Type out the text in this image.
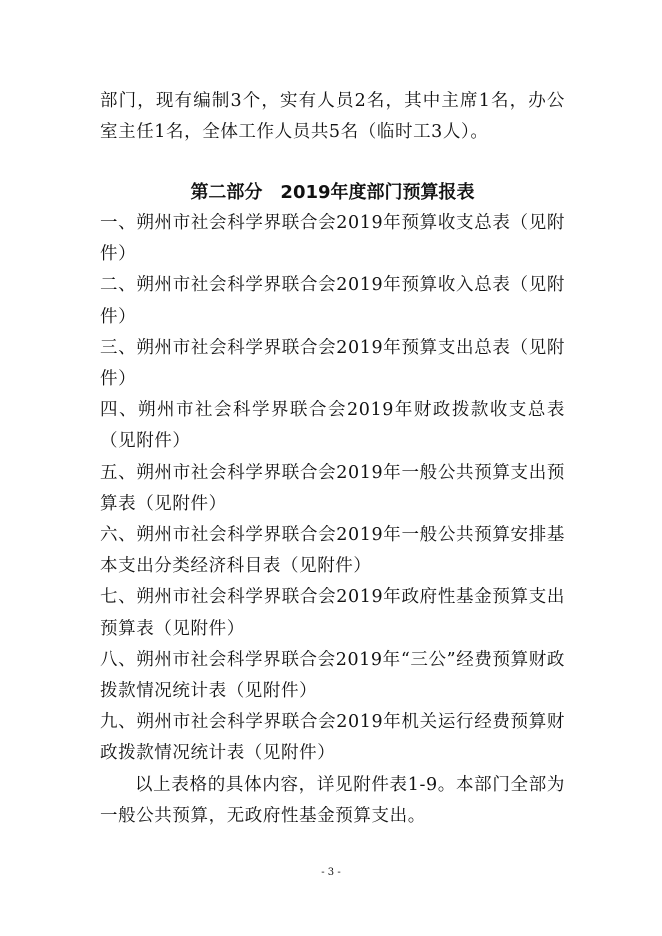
部门，现有编制3个，实有人员2名，其中主席1名，办公室主任1名，全体工作人员共5名（临时工3人）。

第二部分　2019年度部门预算报表
一、朔州市社会科学界联合会2019年预算收支总表（见附件）
二、朔州市社会科学界联合会2019年预算收入总表（见附件）
三、朔州市社会科学界联合会2019年预算支出总表（见附件）
四、朔州市社会科学界联合会2019年财政拨款收支总表（见附件）
五、朔州市社会科学界联合会2019年一般公共预算支出预算表（见附件）
六、朔州市社会科学界联合会2019年一般公共预算安排基本支出分类经济科目表（见附件）
七、朔州市社会科学界联合会2019年政府性基金预算支出预算表（见附件）
八、朔州市社会科学界联合会2019年“三公”经费预算财政拨款情况统计表（见附件）
九、朔州市社会科学界联合会2019年机关运行经费预算财政拨款情况统计表（见附件）

以上表格的具体内容，详见附件表1-9。本部门全部为一般公共预算，无政府性基金预算支出。

- 3 -
